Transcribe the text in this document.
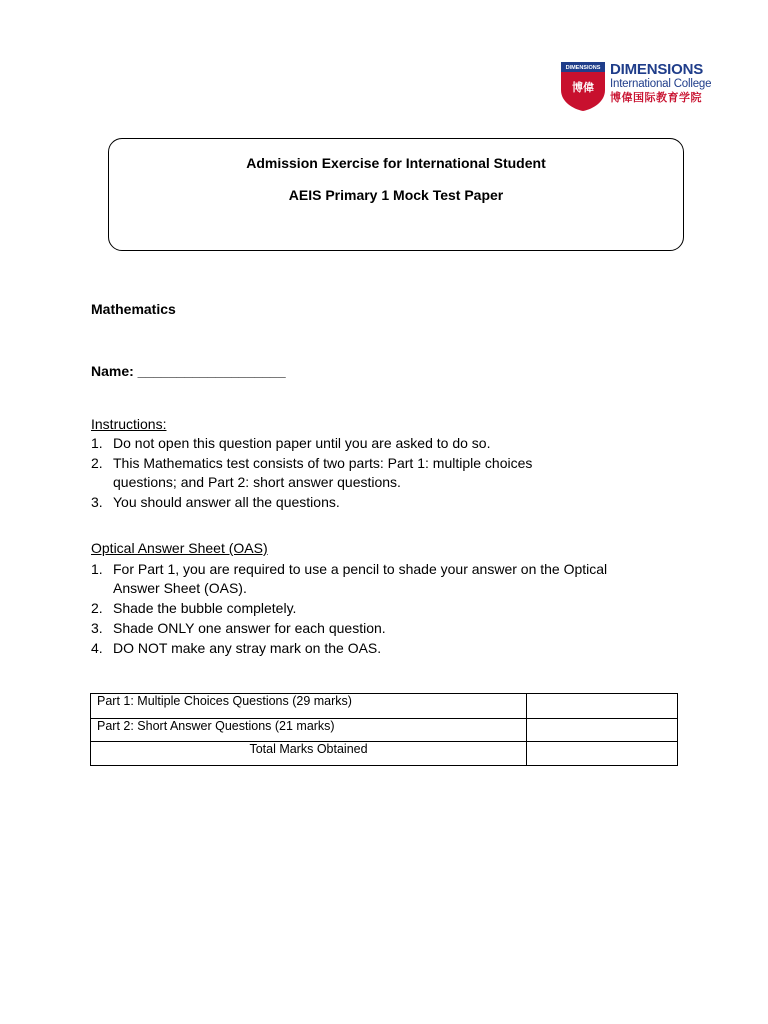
DIMENSIONS
博偉
DIMENSIONS
International College
博偉国际教育学院
Admission Exercise for International Student
AEIS Primary 1 Mock Test Paper
Mathematics
Name: ___________________
Instructions:
1. Do not open this question paper until you are asked to do so.
2. This Mathematics test consists of two parts: Part 1: multiple choices
questions; and Part 2: short answer questions.
3. You should answer all the questions.
Optical Answer Sheet (OAS)
1. For Part 1, you are required to use a pencil to shade your answer on the Optical
Answer Sheet (OAS).
2. Shade the bubble completely.
3. Shade ONLY one answer for each question.
4. DO NOT make any stray mark on the OAS.
Part 1: Multiple Choices Questions (29 marks)	
Part 2: Short Answer Questions (21 marks)	
Total Marks Obtained	
